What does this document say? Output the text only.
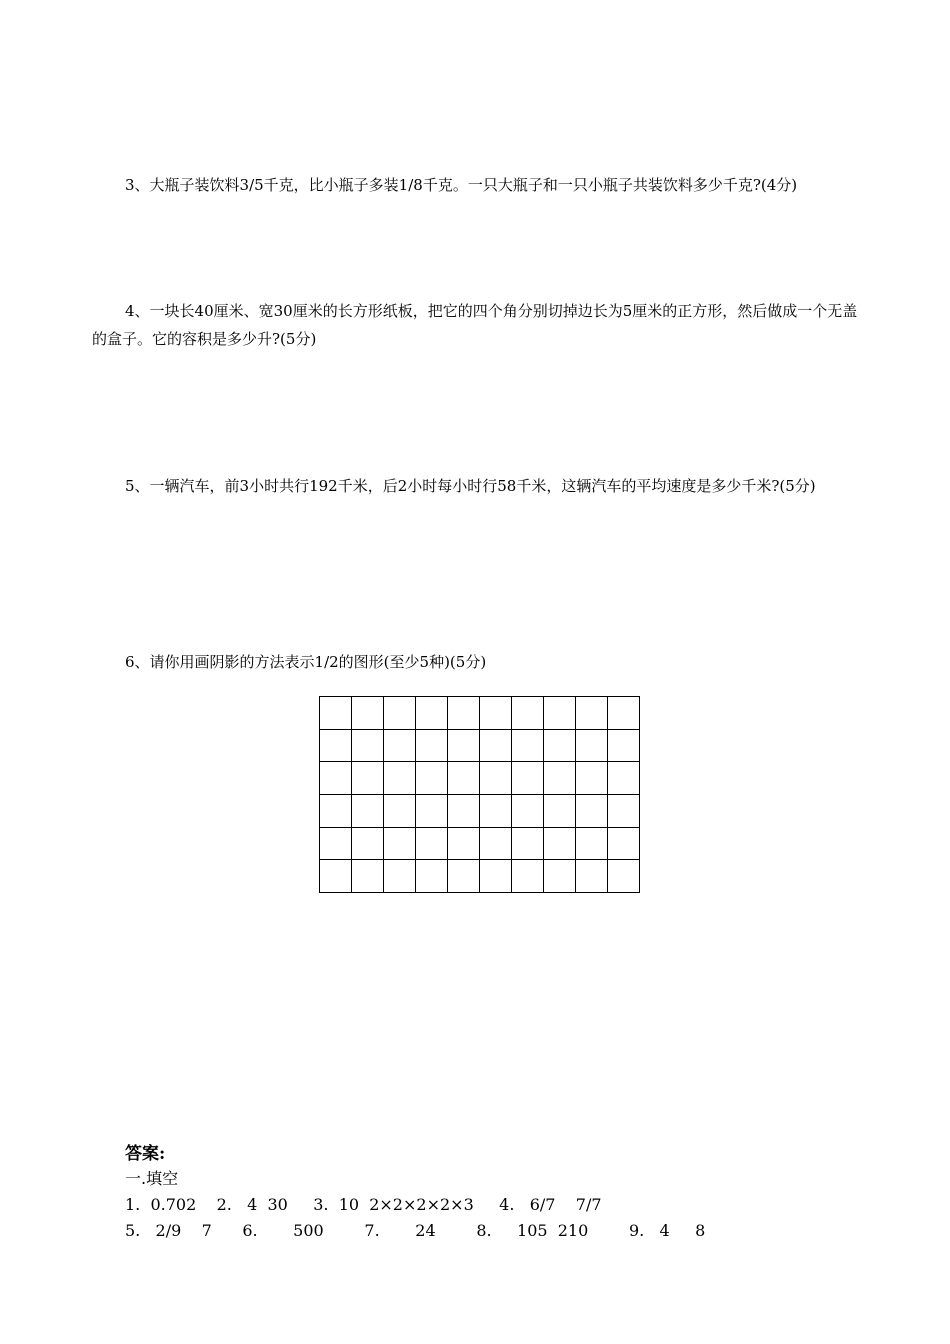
3、大瓶子装饮料3/5千克，比小瓶子多装1/8千克。一只大瓶子和一只小瓶子共装饮料多少千克?(4分)

4、一块长40厘米、宽30厘米的长方形纸板，把它的四个角分别切掉边长为5厘米的正方形，然后做成一个无盖的盒子。它的容积是多少升?(5分)

5、一辆汽车，前3小时共行192千米，后2小时每小时行58千米，这辆汽车的平均速度是多少千米?(5分)

6、请你用画阴影的方法表示1/2的图形(至少5种)(5分)

答案:
一.填空
1.  0.702    2.   4  30     3.  10  2×2×2×2×3     4.   6/7    7/7
5.   2/9    7      6.       500        7.       24        8.     105  210        9.   4     8
